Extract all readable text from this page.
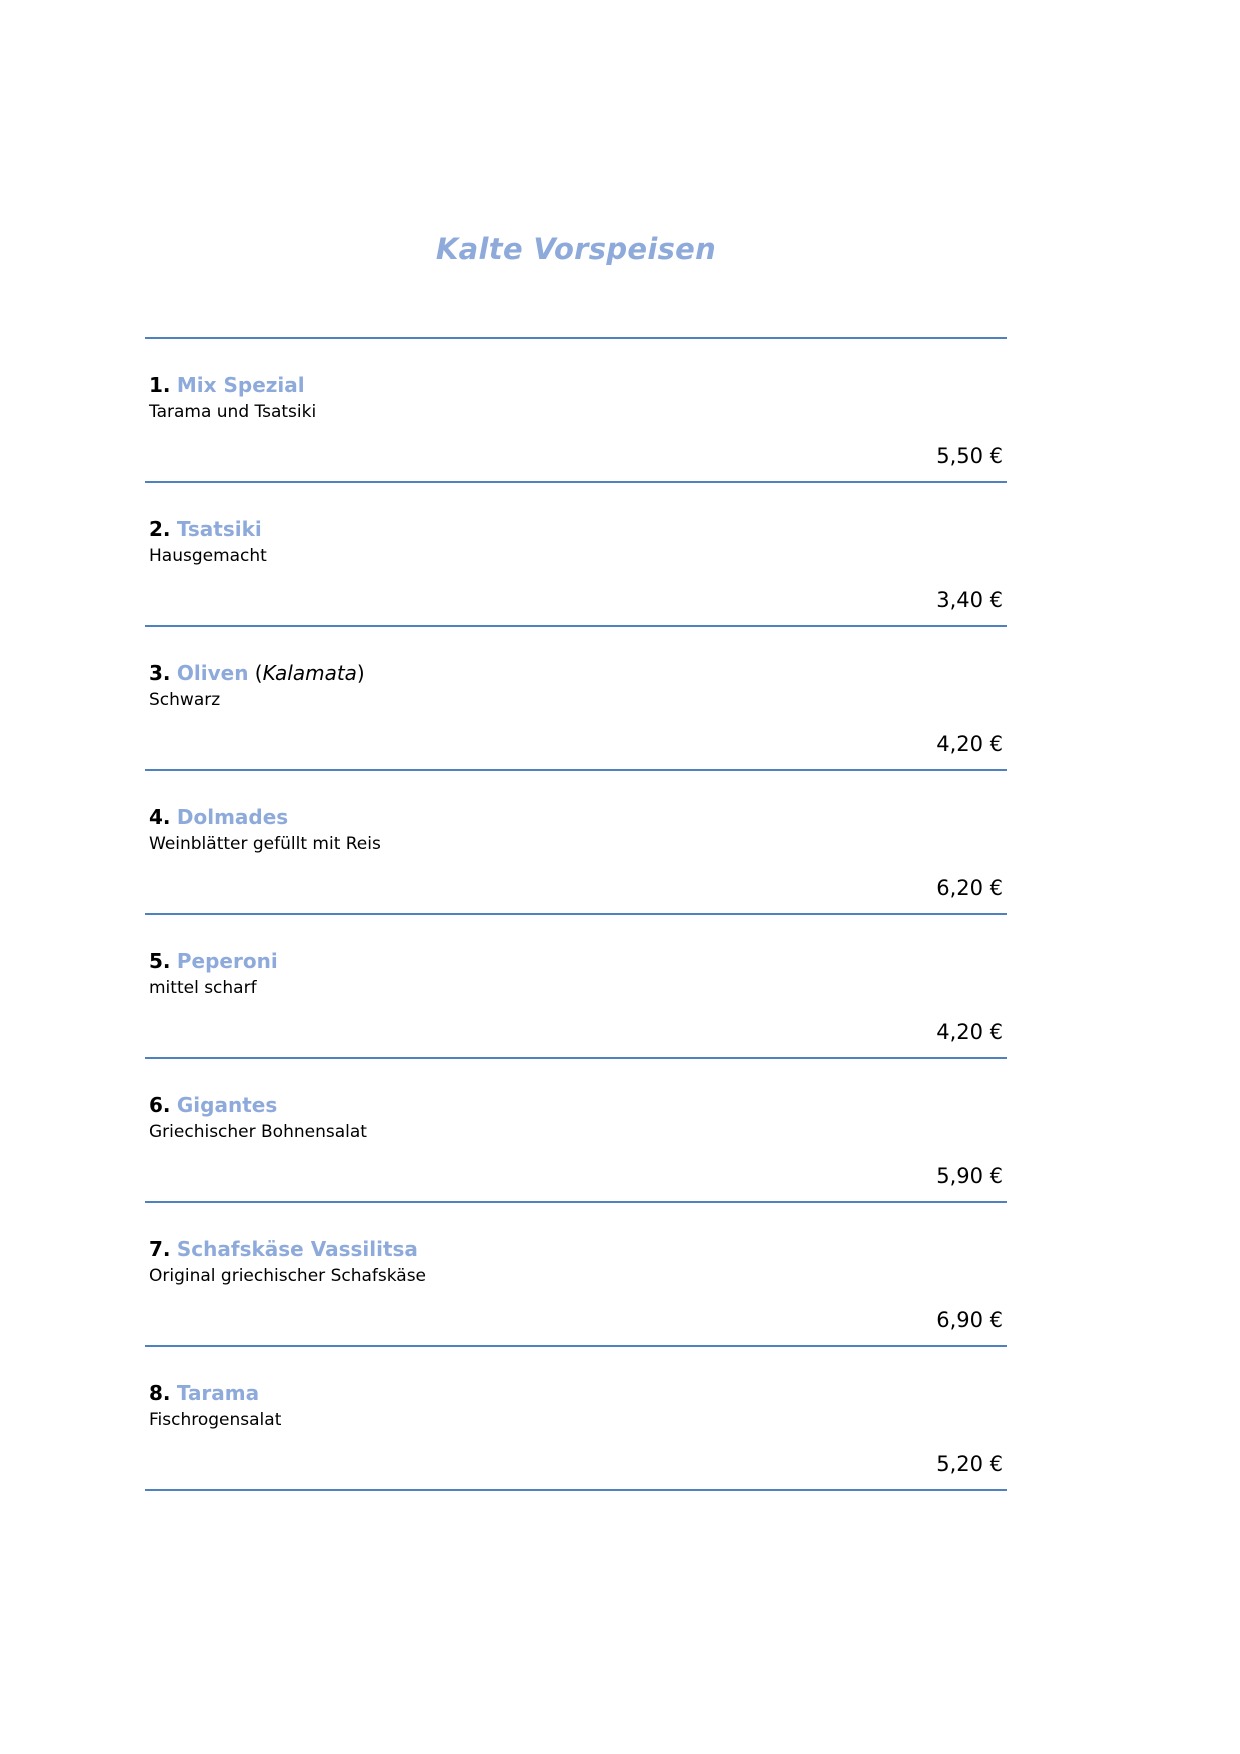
Kalte Vorspeisen
1. Mix Spezial
Tarama und Tsatsiki
5,50 €
2. Tsatsiki
Hausgemacht
3,40 €
3. Oliven (Kalamata)
Schwarz
4,20 €
4. Dolmades
Weinblätter gefüllt mit Reis
6,20 €
5. Peperoni
mittel scharf
4,20 €
6. Gigantes
Griechischer Bohnensalat
5,90 €
7. Schafskäse Vassilitsa
Original griechischer Schafskäse
6,90 €
8. Tarama
Fischrogensalat
5,20 €
